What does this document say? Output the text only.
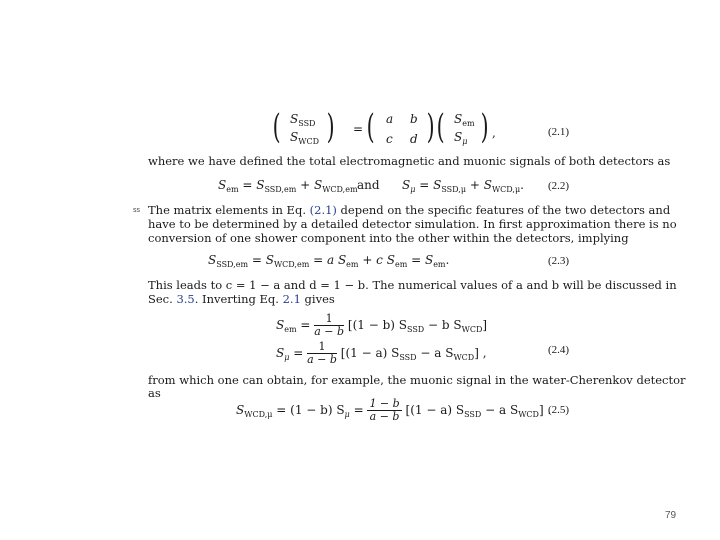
( $S_{SSD}$
$S_{WCD}$ ) = ( a b
c d ) ( $S_{em}$
$S_\mu$ ) ,	(2.1)
where we have defined the total electromagnetic and muonic signals of both detectors as
$S_{em} = S_{SSD,em} + S_{WCD,em}$ and $S_\mu = S_{SSD,\mu} + S_{WCD,\mu}$. (2.2)
ss The matrix elements in Eq. (2.1) depend on the specific features of the two detectors and
have to be determined by a detailed detector simulation. In first approximation there is no
conversion of one shower component into the other within the detectors, implying
$S_{SSD,em} = S_{WCD,em} = a$ $S_{em} + c$ $S_{em} = S_{em}$.	(2.3)
This leads to c = 1 − a and d = 1 − b. The numerical values of a and b will be discussed in
Sec. 3.5. Inverting Eq. 2.1 gives
$S_{em} = \frac{1}{a - b} [(1 - b) S_{SSD} - b$ $S_{WCD}$]
$S_\mu = \frac{1}{a - b} [(1 - a) S_{SSD} - a$ $S_{WCD}$] ,	(2.4)
from which one can obtain, for example, the muonic signal in the water-Cherenkov detector
as
$S_{WCD,\mu} = (1 - b) S_\mu = \frac{1 - b}{a - b} [(1 - a) S_{SSD} - a$ $S_{WCD}$] .
(2.5)
79
